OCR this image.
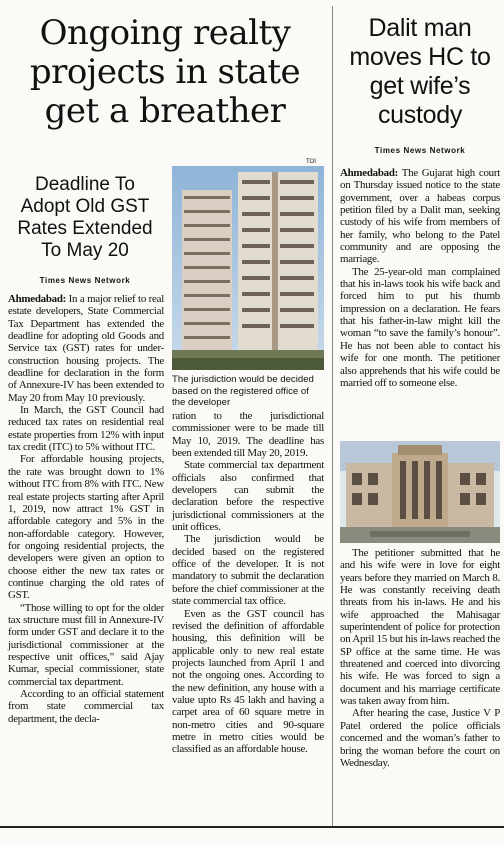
Ongoing realty projects in state get a breather
Deadline To Adopt Old GST Rates Extended To May 20
Times News Network
TOI
The jurisdiction would be decided based on the registered office of the developer

Ahmedabad: In a major relief to real estate developers, State Commercial Tax Department has extended the deadline for adopting old Goods and Service tax (GST) rates for under-construction housing projects. The deadline for declaration in the form of Annexure-IV has been extended to May 20 from May 10 previously.

In March, the GST Council had reduced tax rates on residential real estate properties from 12% with input tax credit (ITC) to 5% without ITC.

For affordable housing projects, the rate was brought down to 1% without ITC from 8% with ITC. New real estate projects starting after April 1, 2019, now attract 1% GST in affordable category and 5% in the non-affordable category. However, for ongoing residential projects, the developers were given an option to choose either the new tax rates or continue charging the old rates of GST.

“Those willing to opt for the older tax structure must fill in Annexure-IV form under GST and declare it to the jurisdictional commissioner at the respective unit offices,” said Ajay Kumar, special commissioner, state commercial tax department.

According to an official statement from state commercial tax department, the decla-

ration to the jurisdictional commissioner were to be made till May 10, 2019. The deadline has been extended till May 20, 2019.

State commercial tax department officials also confirmed that developers can submit the declaration before the respective jurisdictional commissioners at the unit offices.

The jurisdiction would be decided based on the registered office of the developer. It is not mandatory to submit the declaration before the chief commissioner at the state commercial tax office.

Even as the GST council has revised the definition of affordable housing, this definition will be applicable only to new real estate projects launched from April 1 and not the ongoing ones. According to the new definition, any house with a value upto Rs 45 lakh and having a carpet area of 60 square metre in non-metro cities and 90-square metre in metro cities would be classified as an affordable house.

Dalit man moves HC to get wife’s custody
Times News Network

Ahmedabad: The Gujarat high court on Thursday issued notice to the state government, over a habeas corpus petition filed by a Dalit man, seeking custody of his wife from members of her family, who belong to the Patel community and are opposing the marriage.

The 25-year-old man complained that his in-laws took his wife back and forced him to put his thumb impression on a declaration. He fears that his father-in-law might kill the woman “to save the family’s honour”. He has not been able to contact his wife for one month. The petitioner also apprehends that his wife could be married off to someone else.

The petitioner submitted that he and his wife were in love for eight years before they married on March 8. He was constantly receiving death threats from his in-laws. He and his wife approached the Mahisagar superintendent of police for protection on April 15 but his in-laws reached the SP office at the same time. He was threatened and coerced into divorcing his wife. He was forced to sign a document and his marriage certificate was taken away from him.

After hearing the case, Justice V P Patel ordered the police officials concerned and the woman’s father to bring the woman before the court on Wednesday.
